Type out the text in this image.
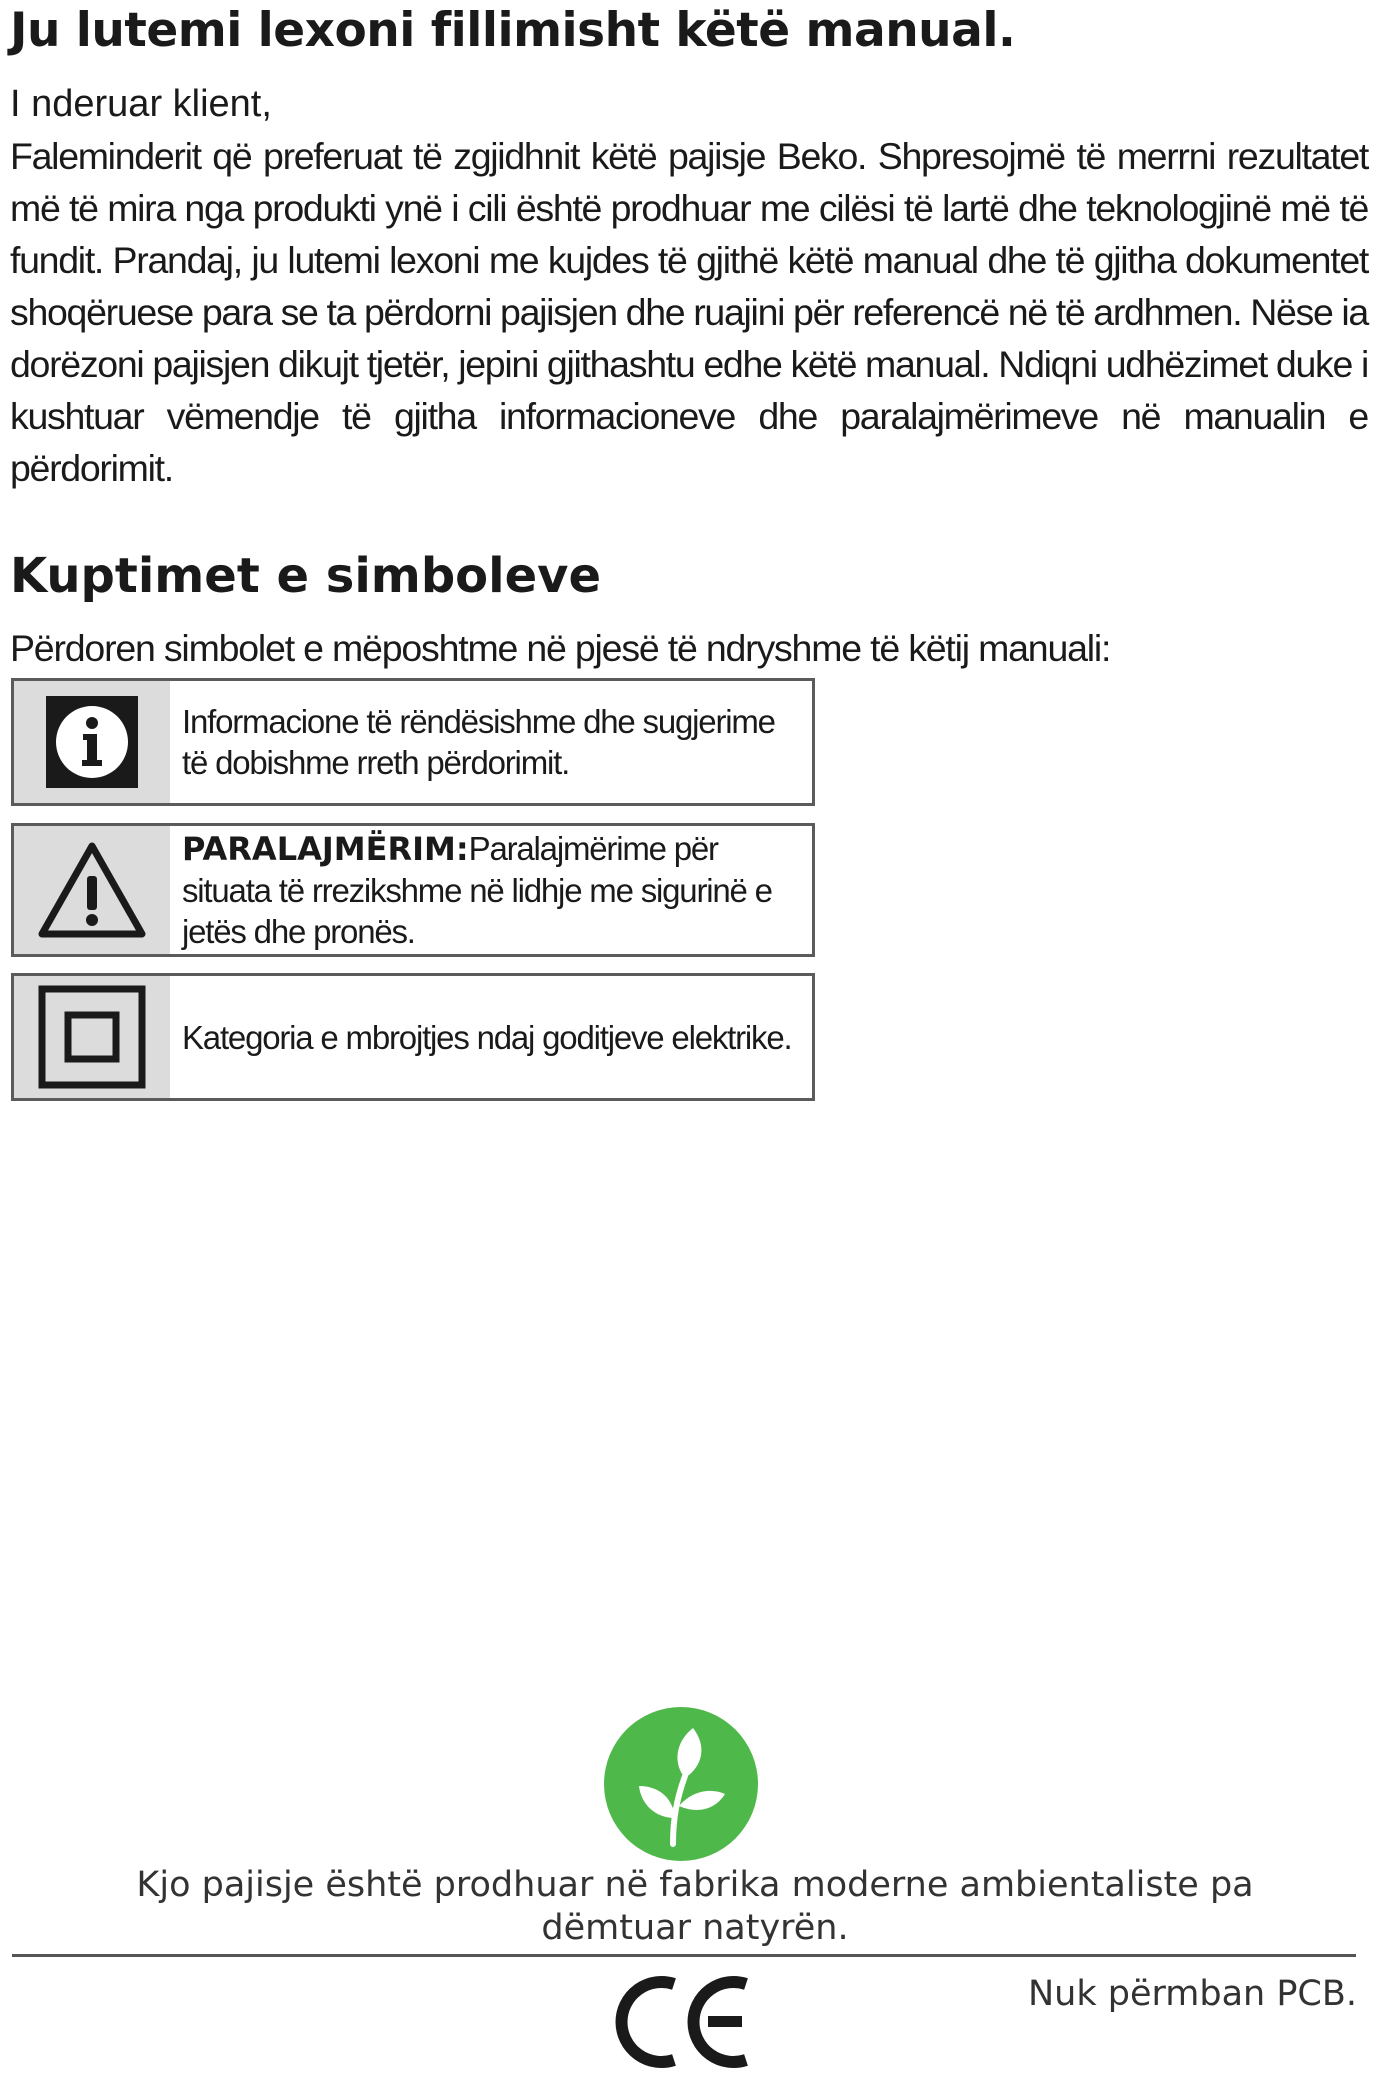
Ju lutemi lexoni fillimisht këtë manual.
I nderuar klient,

Faleminderit që preferuat të zgjidhnit këtë pajisje Beko. Shpresojmë të merrni rezultatet më të mira nga produkti ynë i cili është prodhuar me cilësi të lartë dhe teknologjinë më të fundit. Prandaj, ju lutemi lexoni me kujdes të gjithë këtë manual dhe të gjitha dokumentet shoqëruese para se ta përdorni pajisjen dhe ruajini për referencë në të ardhmen. Nëse ia dorëzoni pajisjen dikujt tjetër, jepini gjithashtu edhe këtë manual. Ndiqni udhëzimet duke i kushtuar vëmendje të gjitha informacioneve dhe paralajmërimeve në manualin e përdorimit.

Kuptimet e simboleve
Përdoren simbolet e mëposhtme në pjesë të ndryshme të këtij manuali:
Informacione të rëndësishme dhe sugjerime të dobishme rreth përdorimit.
PARALAJMËRIM:Paralajmërime për situata të rrezikshme në lidhje me sigurinë e jetës dhe pronës.
Kategoria e mbrojtjes ndaj goditjeve elektrike.
Kjo pajisje është prodhuar në fabrika moderne ambientaliste pa dëmtuar natyrën.
Nuk përmban PCB.
